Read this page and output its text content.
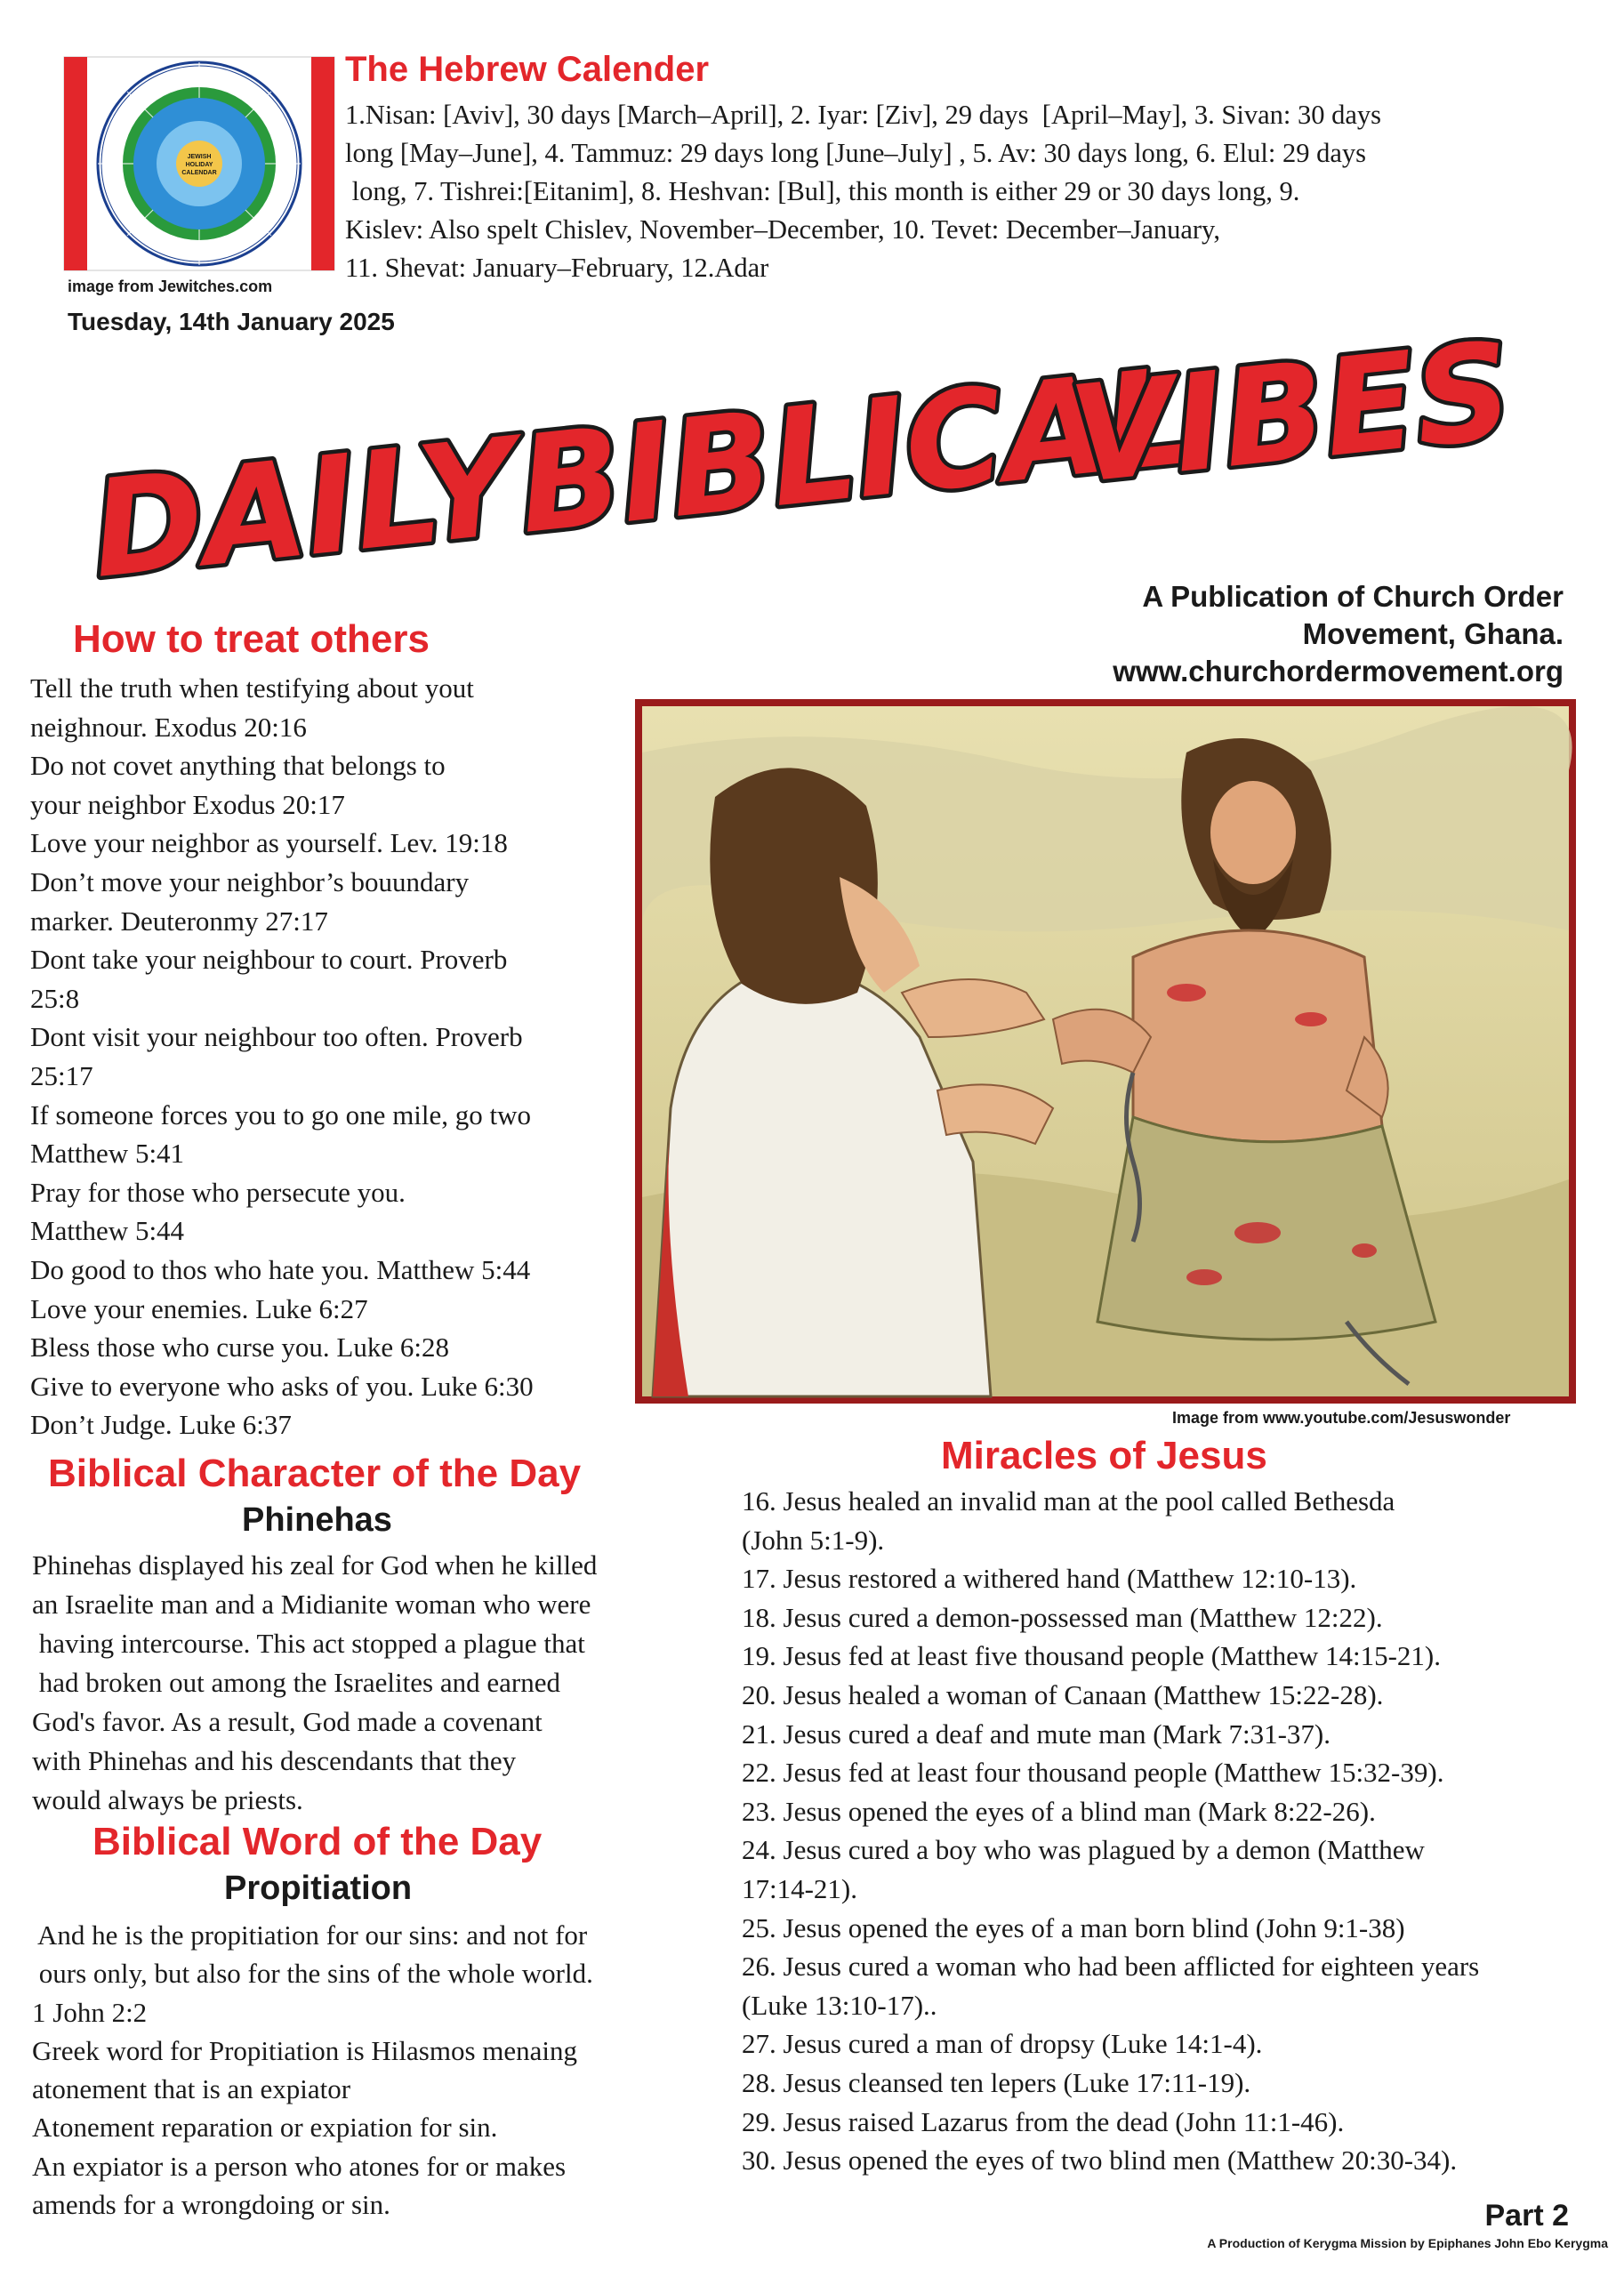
JEWISH
HOLIDAY
CALENDAR
image from Jewitches.com
The Hebrew Calender
1.Nisan: [Aviv], 30 days [March–April], 2. Iyar: [Ziv], 29 days  [April–May], 3. Sivan: 30 days
long [May–June], 4. Tammuz: 29 days long [June–July] , 5. Av: 30 days long, 6. Elul: 29 days
long, 7. Tishrei:[Eitanim], 8. Heshvan: [Bul], this month is either 29 or 30 days long, 9.
Kislev: Also spelt Chislev, November–December, 10. Tevet: December–January,
11. Shevat: January–February, 12.Adar
Tuesday, 14th January 2025
DAILY
BIBLICAL
VIBES
A Publication of Church Order
Movement, Ghana.
www.churchordermovement.org
How to treat others
Tell the truth when testifying about yout
neighnour. Exodus 20:16
Do not covet anything that belongs to
your neighbor Exodus 20:17
Love your neighbor as yourself. Lev. 19:18
Don’t move your neighbor’s bouundary
marker. Deuteronmy 27:17
Dont take your neighbour to court. Proverb
25:8
Dont visit your neighbour too often. Proverb
25:17
If someone forces you to go one mile, go two
Matthew 5:41
Pray for those who persecute you.
Matthew 5:44
Do good to thos who hate you. Matthew 5:44
Love your enemies. Luke 6:27
Bless those who curse you. Luke 6:28
Give to everyone who asks of you. Luke 6:30
Don’t Judge. Luke 6:37	Image from www.youtube.com/Jesuswonder
Biblical Character of the Day
Phinehas
Phinehas displayed his zeal for God when he killed
an Israelite man and a Midianite woman who were
having intercourse. This act stopped a plague that
had broken out among the Israelites and earned
God's favor. As a result, God made a covenant
with Phinehas and his descendants that they
would always be priests.
Biblical Word of the Day
Propitiation
And he is the propitiation for our sins: and not for
ours only, but also for the sins of the whole world.
1 John 2:2
Greek word for Propitiation is Hilasmos menaing
atonement that is an expiator
Atonement reparation or expiation for sin.
An expiator is a person who atones for or makes
amends for a wrongdoing or sin.
Miracles of Jesus
16. Jesus healed an invalid man at the pool called Bethesda
(John 5:1-9).
17. Jesus restored a withered hand (Matthew 12:10-13).
18. Jesus cured a demon-possessed man (Matthew 12:22).
19. Jesus fed at least five thousand people (Matthew 14:15-21).
20. Jesus healed a woman of Canaan (Matthew 15:22-28).
21. Jesus cured a deaf and mute man (Mark 7:31-37).
22. Jesus fed at least four thousand people (Matthew 15:32-39).
23. Jesus opened the eyes of a blind man (Mark 8:22-26).
24. Jesus cured a boy who was plagued by a demon (Matthew
17:14-21).
25. Jesus opened the eyes of a man born blind (John 9:1-38)
26. Jesus cured a woman who had been afflicted for eighteen years
(Luke 13:10-17)..
27. Jesus cured a man of dropsy (Luke 14:1-4).
28. Jesus cleansed ten lepers (Luke 17:11-19).
29. Jesus raised Lazarus from the dead (John 11:1-46).
30. Jesus opened the eyes of two blind men (Matthew 20:30-34).
Part 2
A Production of Kerygma Mission by Epiphanes John Ebo Kerygma
